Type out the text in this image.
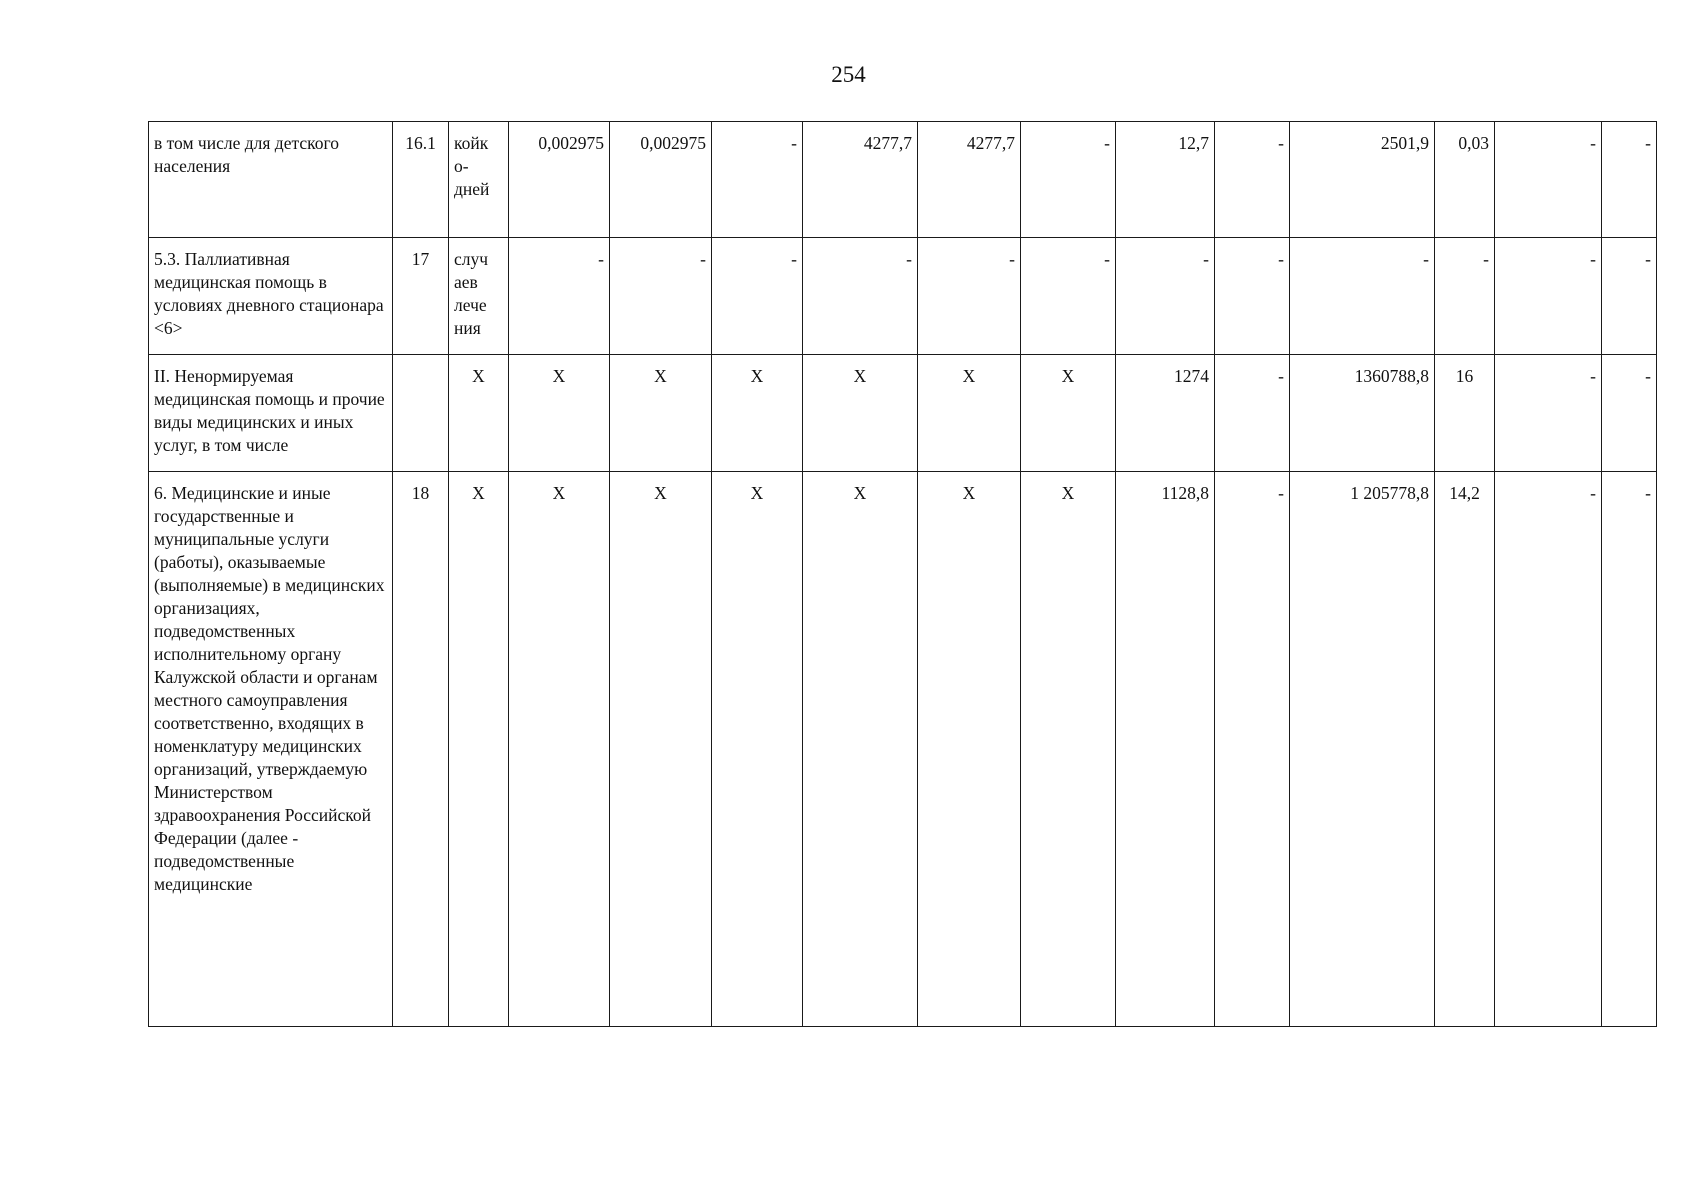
254
в том числе для детского населения	16.1	койк
о-
дней	0,002975	0,002975	-	4277,7	4277,7	-	12,7	-	2501,9	0,03	-	-
5.3. Паллиативная медицинская помощь в условиях дневного стационара <6>	17	случ
аев
лече
ния	-	-	-	-	-	-	-	-	-	-	-	-
II. Ненормируемая медицинская помощь и прочие виды медицинских и иных услуг, в том числе		X	X	X	X	X	X	X	1274	-	1360788,8	16	-	-
6. Медицинские и иные государственные и муниципальные услуги (работы), оказываемые (выполняемые) в медицинских организациях, подведомственных исполнительному органу Калужской области и органам местного самоуправления соответственно, входящих в номенклатуру медицинских организаций, утверждаемую Министерством здравоохранения Российской Федерации (далее - подведомственные медицинские	18	X	X	X	X	X	X	X	1128,8	-	1 205778,8	14,2	-	-
